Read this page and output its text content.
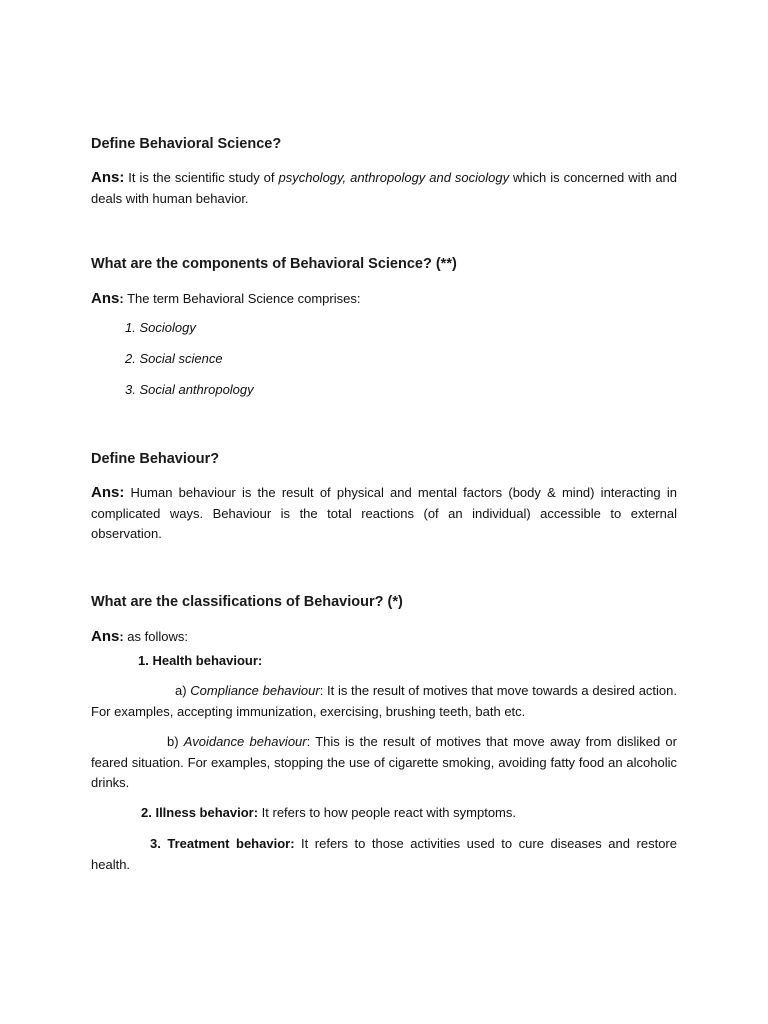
Define Behavioral Science?
Ans: It is the scientific study of psychology, anthropology and sociology which is concerned with and deals with human behavior.
What are the components of Behavioral Science? (**)
Ans: The term Behavioral Science comprises:
1. Sociology
2. Social science
3. Social anthropology
Define Behaviour?
Ans: Human behaviour is the result of physical and mental factors (body & mind) interacting in complicated ways. Behaviour is the total reactions (of an individual) accessible to external observation.
What are the classifications of Behaviour? (*)
Ans: as follows:
1. Health behaviour:
a) Compliance behaviour: It is the result of motives that move towards a desired action. For examples, accepting immunization, exercising, brushing teeth, bath etc.
b) Avoidance behaviour: This is the result of motives that move away from disliked or feared situation. For examples, stopping the use of cigarette smoking, avoiding fatty food an alcoholic drinks.
2. Illness behavior: It refers to how people react with symptoms.
3. Treatment behavior: It refers to those activities used to cure diseases and restore health.
